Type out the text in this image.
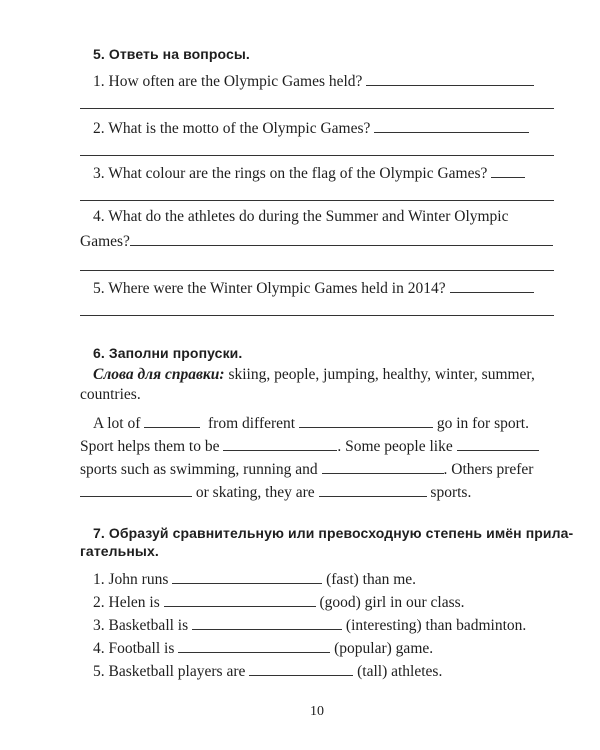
5. Ответь на вопросы.
1. How often are the Olympic Games held?
2. What is the motto of the Olympic Games?
3. What colour are the rings on the flag of the Olympic Games?
4. What do the athletes do during the Summer and Winter Olympic
Games?
5. Where were the Winter Olympic Games held in 2014?
6. Заполни пропуски.
Слова для справки: skiing, people, jumping, healthy, winter, summer,
countries.
A lot of	from different	go in for sport.
Sport helps them to be	. Some people like
sports such as swimming, running and	. Others prefer
or skating, they are	sports.
7. Образуй сравнительную или превосходную степень имён прила-
гательных.
1. John runs	(fast) than me.
2. Helen is	(good) girl in our class.
3. Basketball is	(interesting) than badminton.
4. Football is	(popular) game.
5. Basketball players are	(tall) athletes.
10
